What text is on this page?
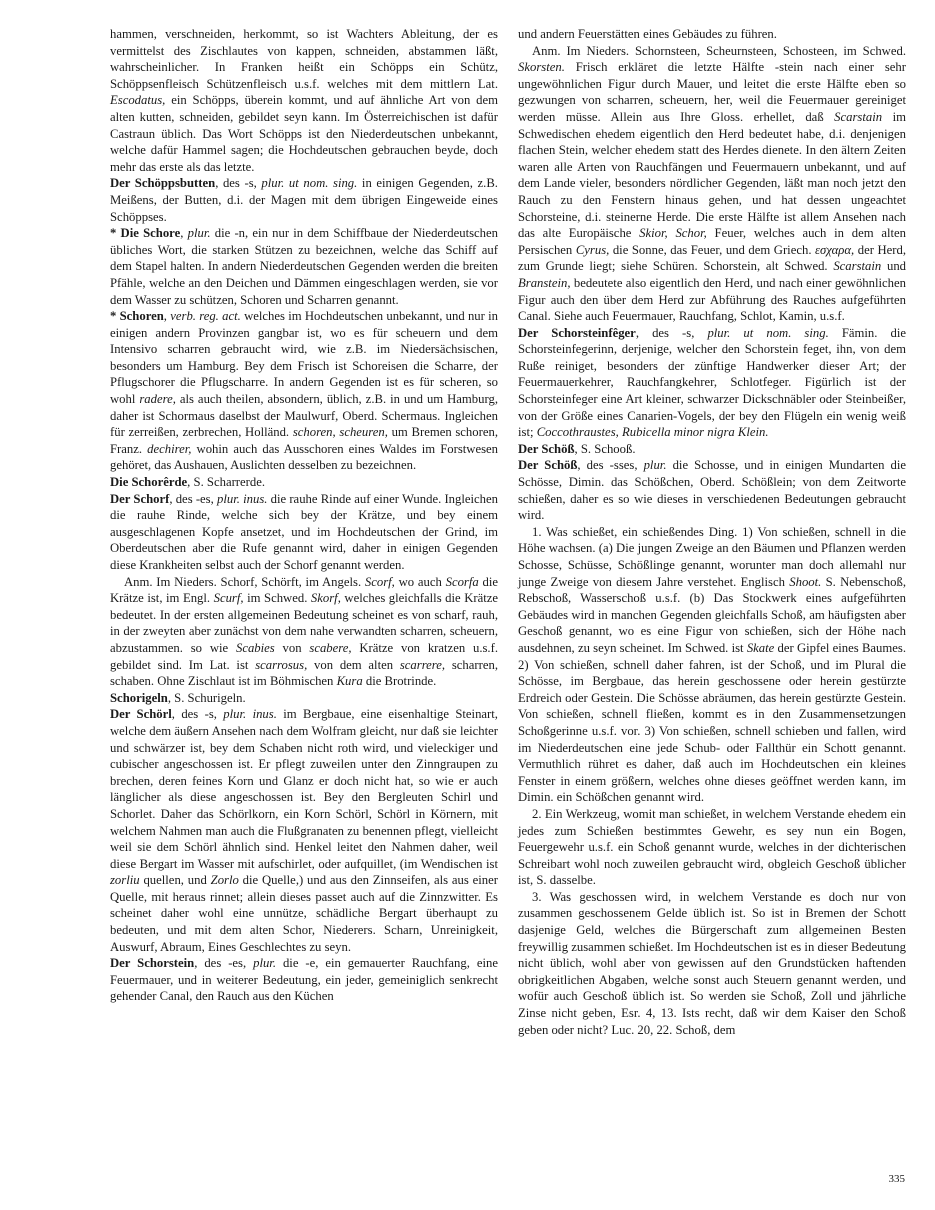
hammen, verschneiden, herkommt, so ist Wachters Ableitung, der es vermittelst des Zischlautes von kappen, schneiden, abstammen läßt, wahrscheinlicher. In Franken heißt ein Schöpps ein Schütz, Schöppsenfleisch Schützenfleisch u.s.f. welches mit dem mittlern Lat. Escodatus, ein Schöpps, überein kommt, und auf ähnliche Art von dem alten kutten, schneiden, gebildet seyn kann. Im Österreichischen ist dafür Castraun üblich. Das Wort Schöpps ist den Niederdeutschen unbekannt, welche dafür Hammel sagen; die Hochdeutschen gebrauchen beyde, doch mehr das erste als das letzte.

Der Schöppsbutten, des -s, plur. ut nom. sing. in einigen Gegenden, z.B. Meißens, der Butten, d.i. der Magen mit dem übrigen Eingeweide eines Schöppses.

* Die Schore, plur. die -n, ein nur in dem Schiffbaue der Niederdeutschen übliches Wort, die starken Stützen zu bezeichnen, welche das Schiff auf dem Stapel halten. In andern Niederdeutschen Gegenden werden die breiten Pfähle, welche an den Deichen und Dämmen eingeschlagen werden, sie vor dem Wasser zu schützen, Schoren und Scharren genannt.

* Schoren, verb. reg. act. welches im Hochdeutschen unbekannt, und nur in einigen andern Provinzen gangbar ist, wo es für scheuern und dem Intensivo scharren gebraucht wird, wie z.B. im Niedersächsischen, besonders um Hamburg. Bey dem Frisch ist Schoreisen die Scharre, der Pflugschorer die Pflugscharre. In andern Gegenden ist es für scheren, so wohl radere, als auch theilen, absondern, üblich, z.B. in und um Hamburg, daher ist Schormaus daselbst der Maulwurf, Oberd. Schermaus. Ingleichen für zerreißen, zerbrechen, Holländ. schoren, scheuren, um Bremen schoren, Franz. dechirer, wohin auch das Ausschoren eines Waldes im Forstwesen gehöret, das Aushauen, Auslichten desselben zu bezeichnen.

Die Schorêrde, S. Scharrerde.

Der Schorf, des -es, plur. inus. die rauhe Rinde auf einer Wunde. Ingleichen die rauhe Rinde, welche sich bey der Krätze, und bey einem ausgeschlagenen Kopfe ansetzet, und im Hochdeutschen der Grind, im Oberdeutschen aber die Rufe genannt wird, daher in einigen Gegenden diese Krankheiten selbst auch der Schorf genannt werden.

Anm. Im Nieders. Schorf, Schörft, im Angels. Scorf, wo auch Scorfa die Krätze ist, im Engl. Scurf, im Schwed. Skorf, welches gleichfalls die Krätze bedeutet. In der ersten allgemeinen Bedeutung scheinet es von scharf, rauh, in der zweyten aber zunächst von dem nahe verwandten scharren, scheuern, abzustammen. so wie Scabies von scabere, Krätze von kratzen u.s.f. gebildet sind. Im Lat. ist scarrosus, von dem alten scarrere, scharren, schaben. Ohne Zischlaut ist im Böhmischen Kura die Brotrinde.

Schorigeln, S. Schurigeln.

Der Schörl, des -s, plur. inus. im Bergbaue, eine eisenhaltige Steinart, welche dem äußern Ansehen nach dem Wolfram gleicht, nur daß sie leichter und schwärzer ist, bey dem Schaben nicht roth wird, und vieleckiger und cubischer angeschossen ist. Er pflegt zuweilen unter den Zinngraupen zu brechen, deren feines Korn und Glanz er doch nicht hat, so wie er auch länglicher als diese angeschossen ist. Bey den Bergleuten Schirl und Schorlet. Daher das Schörlkorn, ein Korn Schörl, Schörl in Körnern, mit welchem Nahmen man auch die Flußgranaten zu benennen pflegt, vielleicht weil sie dem Schörl ähnlich sind. Henkel leitet den Nahmen daher, weil diese Bergart im Wasser mit aufschirlet, oder aufquillet, (im Wendischen ist zorliu quellen, und Zorlo die Quelle,) und aus den Zinnseifen, als aus einer Quelle, mit heraus rinnet; allein dieses passet auch auf die Zinnzwitter. Es scheinet daher wohl eine unnütze, schädliche Bergart überhaupt zu bedeuten, und mit dem alten Schor, Niederers. Scharn, Unreinigkeit, Auswurf, Abraum, Eines Geschlechtes zu seyn.

Der Schorstein, des -es, plur. die -e, ein gemauerter Rauchfang, eine Feuermauer, und in weiterer Bedeutung, ein jeder, gemeiniglich senkrecht gehender Canal, den Rauch aus den Küchen

und andern Feuerstätten eines Gebäudes zu führen.

Anm. Im Nieders. Schornsteen, Scheurnsteen, Schosteen, im Schwed. Skorsten. Frisch erkläret die letzte Hälfte -stein nach einer sehr ungewöhnlichen Figur durch Mauer, und leitet die erste Hälfte eben so gezwungen von scharren, scheuern, her, weil die Feuermauer gereiniget werden müsse. Allein aus Ihre Gloss. erhellet, daß Scarstain im Schwedischen ehedem eigentlich den Herd bedeutet habe, d.i. denjenigen flachen Stein, welcher ehedem statt des Herdes dienete. In den ältern Zeiten waren alle Arten von Rauchfängen und Feuermauern unbekannt, und auf dem Lande vieler, besonders nördlicher Gegenden, läßt man noch jetzt den Rauch zu den Fenstern hinaus gehen, und hat dessen ungeachtet Schorsteine, d.i. steinerne Herde. Die erste Hälfte ist allem Ansehen nach das alte Europäische Skior, Schor, Feuer, welches auch in dem alten Persischen Cyrus, die Sonne, das Feuer, und dem Griech. εσχαρα, der Herd, zum Grunde liegt; siehe Schüren. Schorstein, alt Schwed. Scarstain und Branstein, bedeutete also eigentlich den Herd, und nach einer gewöhnlichen Figur auch den über dem Herd zur Abführung des Rauches aufgeführten Canal. Siehe auch Feuermauer, Rauchfang, Schlot, Kamin, u.s.f.

Der Schorsteinfêger, des -s, plur. ut nom. sing. Fämin. die Schorsteinfegerinn, derjenige, welcher den Schorstein feget, ihn, von dem Ruße reiniget, besonders der zünftige Handwerker dieser Art; der Feuermauerkehrer, Rauchfangkehrer, Schlotfeger. Figürlich ist der Schorsteinfeger eine Art kleiner, schwarzer Dickschnäbler oder Steinbeißer, von der Größe eines Canarien-Vogels, der bey den Flügeln ein wenig weiß ist; Coccothraustes, Rubicella minor nigra Klein.

Der Schöß, S. Schooß.

Der Schöß, des -sses, plur. die Schosse, und in einigen Mundarten die Schösse, Dimin. das Schößchen, Oberd. Schößlein; von dem Zeitworte schießen, daher es so wie dieses in verschiedenen Bedeutungen gebraucht wird.

1. Was schießet, ein schießendes Ding. 1) Von schießen, schnell in die Höhe wachsen. (a) Die jungen Zweige an den Bäumen und Pflanzen werden Schosse, Schüsse, Schößlinge genannt, worunter man doch allemahl nur junge Zweige von diesem Jahre verstehet. Englisch Shoot. S. Nebenschoß, Rebschoß, Wasserschoß u.s.f. (b) Das Stockwerk eines aufgeführten Gebäudes wird in manchen Gegenden gleichfalls Schoß, am häufigsten aber Geschoß genannt, wo es eine Figur von schießen, sich der Höhe nach ausdehnen, zu seyn scheinet. Im Schwed. ist Skate der Gipfel eines Baumes. 2) Von schießen, schnell daher fahren, ist der Schoß, und im Plural die Schösse, im Bergbaue, das herein geschossene oder herein gestürzte Erdreich oder Gestein. Die Schösse abräumen, das herein gestürzte Gestein. Von schießen, schnell fließen, kommt es in den Zusammensetzungen Schoßgerinne u.s.f. vor. 3) Von schießen, schnell schieben und fallen, wird im Niederdeutschen eine jede Schub- oder Fallthür ein Schott genannt. Vermuthlich rühret es daher, daß auch im Hochdeutschen ein kleines Fenster in einem größern, welches ohne dieses geöffnet werden kann, im Dimin. ein Schößchen genannt wird.

2. Ein Werkzeug, womit man schießet, in welchem Verstande ehedem ein jedes zum Schießen bestimmtes Gewehr, es sey nun ein Bogen, Feuergewehr u.s.f. ein Schoß genannt wurde, welches in der dichterischen Schreibart wohl noch zuweilen gebraucht wird, obgleich Geschoß üblicher ist, S. dasselbe.

3. Was geschossen wird, in welchem Verstande es doch nur von zusammen geschossenem Gelde üblich ist. So ist in Bremen der Schott dasjenige Geld, welches die Bürgerschaft zum allgemeinen Besten freywillig zusammen schießet. Im Hochdeutschen ist es in dieser Bedeutung nicht üblich, wohl aber von gewissen auf den Grundstücken haftenden obrigkeitlichen Abgaben, welche sonst auch Steuern genannt werden, und wofür auch Geschoß üblich ist. So werden sie Schoß, Zoll und jährliche Zinse nicht geben, Esr. 4, 13. Ists recht, daß wir dem Kaiser den Schoß geben oder nicht? Luc. 20, 22. Schoß, dem

335
